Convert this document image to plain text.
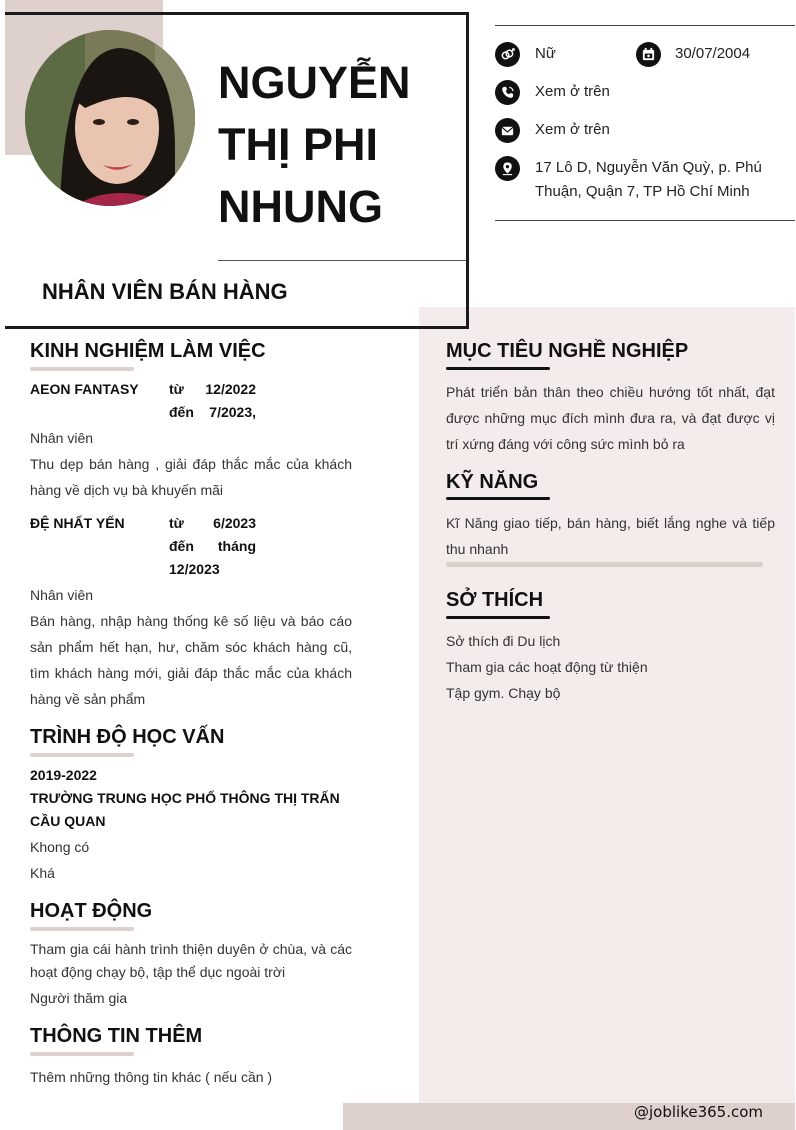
NGUYỄN THỊ PHI NHUNG
NHÂN VIÊN BÁN HÀNG
Nữ	30/07/2004
Xem ở trên
Xem ở trên
17 Lô D, Nguyễn Văn Quỳ, p. Phú Thuận, Quận 7, TP Hồ Chí Minh
KINH NGHIỆM LÀM VIỆC
AEON FANTASY từ 12/2022 đến 7/2023,
Nhân viên
Thu dẹp bán hàng , giải đáp thắc mắc của khách hàng về dịch vụ bà khuyến mãi
ĐỆ NHẤT YẾN	từ 6/2023 đến tháng 12/2023
Nhân viên
Bán hàng, nhập hàng thống kê số liệu và báo cáo sản phẩm hết hạn, hư, chăm sóc khách hàng cũ, tìm khách hàng mới, giải đáp thắc mắc của khách hàng về sản phẩm
TRÌNH ĐỘ HỌC VẤN
2019-2022
TRƯỜNG TRUNG HỌC PHỔ THÔNG THỊ TRẤN CẦU QUAN
Khong có
Khá
HOẠT ĐỘNG
Tham gia cái hành trình thiện duyên ở chùa, và các hoạt động chạy bộ, tập thể dục ngoài trời
Người thăm gia
THÔNG TIN THÊM
Thêm những thông tin khác ( nếu cần )
MỤC TIÊU NGHỀ NGHIỆP
Phát triển bản thân theo chiều hướng tốt nhất, đạt được những mục đích mình đưa ra, và đạt được vị trí xứng đáng với công sức mình bỏ ra
KỸ NĂNG
Kĩ Năng giao tiếp, bán hàng, biết lắng nghe và tiếp thu nhanh
SỞ THÍCH
Sở thích đi Du lịch
Tham gia các hoạt động từ thiện
Tập gym. Chạy bộ
@joblike365.com
